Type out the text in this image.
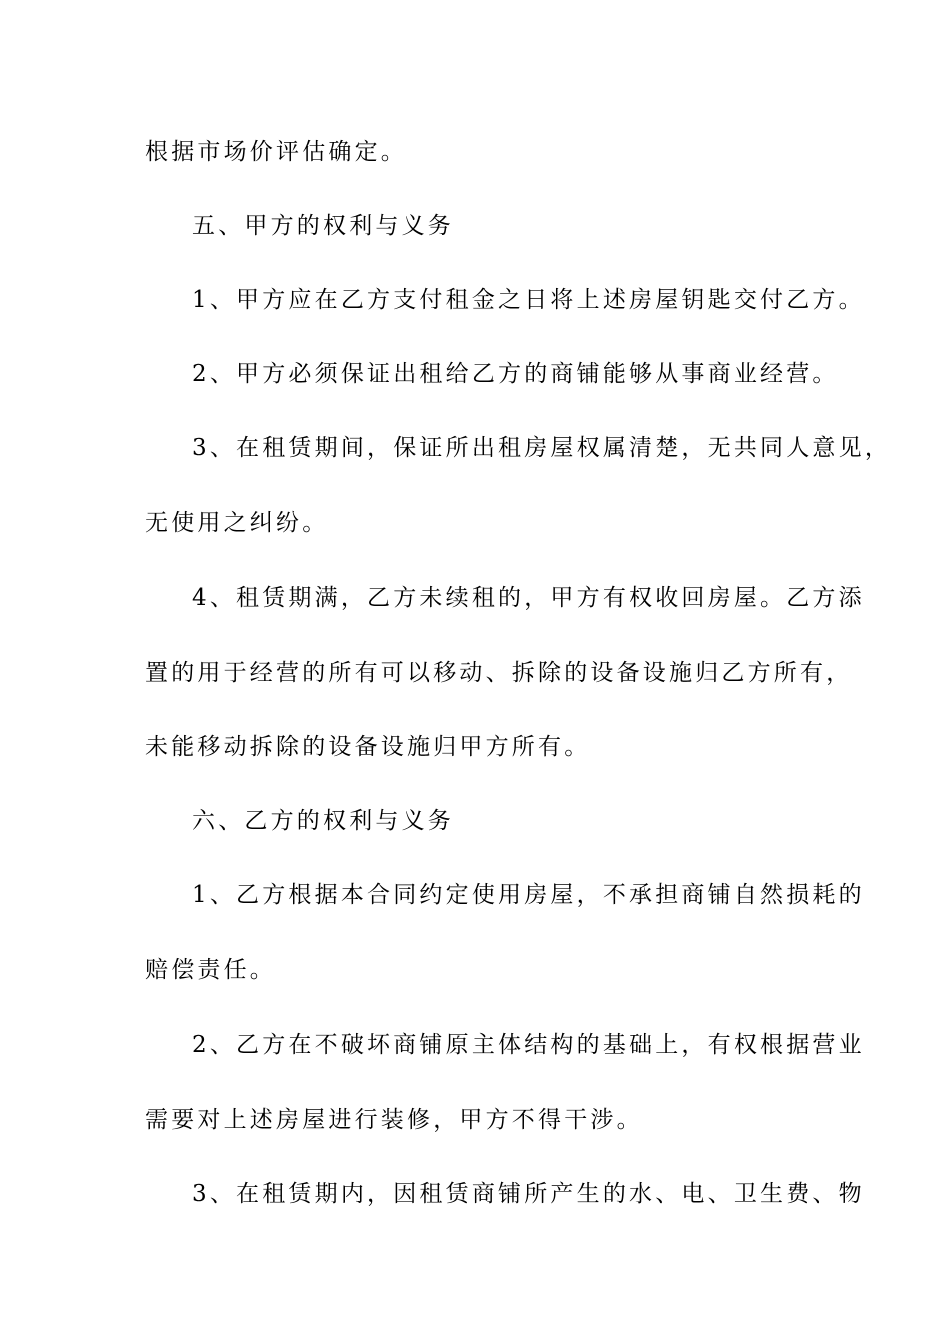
根据市场价评估确定。
五、甲方的权利与义务
1、甲方应在乙方支付租金之日将上述房屋钥匙交付乙方。
2、甲方必须保证出租给乙方的商铺能够从事商业经营。
3、在租赁期间，保证所出租房屋权属清楚，无共同人意见，
无使用之纠纷。
4、租赁期满，乙方未续租的，甲方有权收回房屋。乙方添
置的用于经营的所有可以移动、拆除的设备设施归乙方所有，
未能移动拆除的设备设施归甲方所有。
六、乙方的权利与义务
1、乙方根据本合同约定使用房屋，不承担商铺自然损耗的
赔偿责任。
2、乙方在不破坏商铺原主体结构的基础上，有权根据营业
需要对上述房屋进行装修，甲方不得干涉。
3、在租赁期内，因租赁商铺所产生的水、电、卫生费、物
